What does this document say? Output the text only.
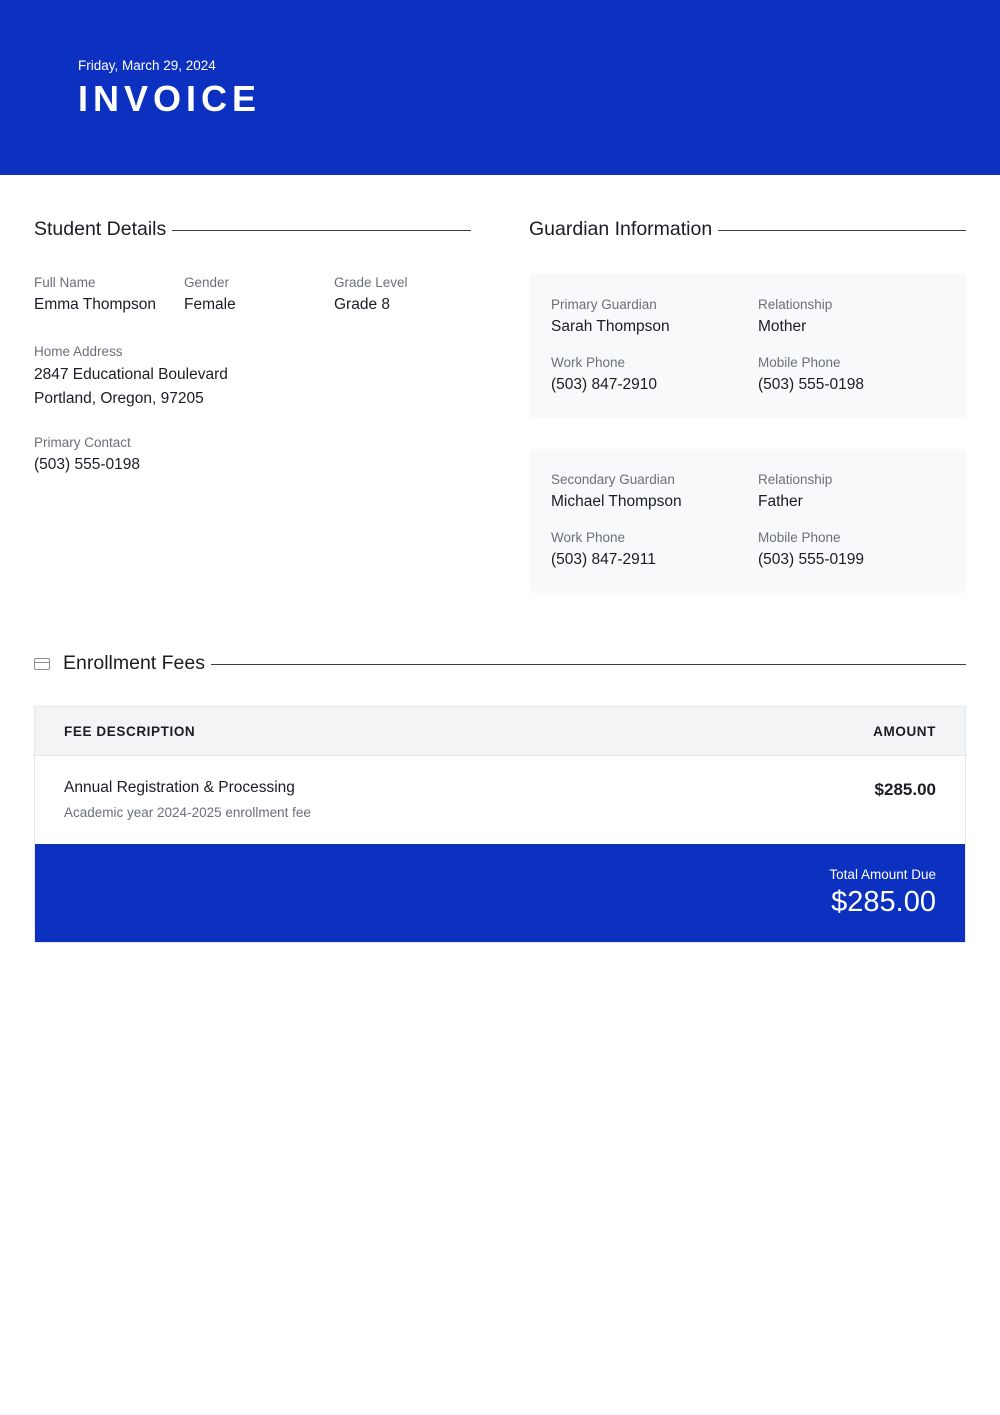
Friday, March 29, 2024
INVOICE
Student Details
Full Name
Emma Thompson
Gender
Female
Grade Level
Grade 8
Home Address
2847 Educational Boulevard
Portland, Oregon, 97205
Primary Contact
(503) 555-0198
Guardian Information
Primary Guardian
Sarah Thompson
Relationship
Mother
Work Phone
(503) 847-2910
Mobile Phone
(503) 555-0198
Secondary Guardian
Michael Thompson
Relationship
Father
Work Phone
(503) 847-2911
Mobile Phone
(503) 555-0199
Enrollment Fees
FEE DESCRIPTION	AMOUNT
Annual Registration & Processing
Academic year 2024-2025 enrollment fee
$285.00
Total Amount Due
$285.00
